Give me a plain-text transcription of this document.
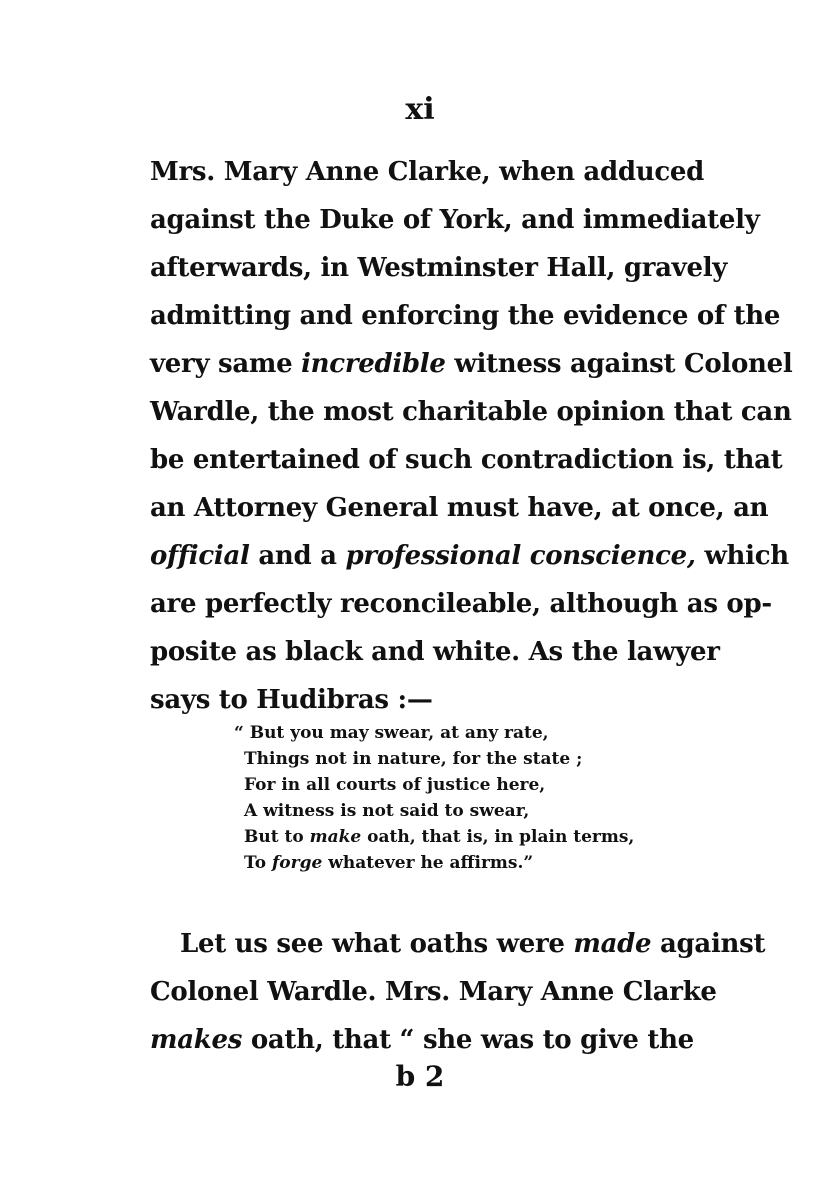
xi
Mrs. Mary Anne Clarke, when adduced
against the Duke of York, and immediately
afterwards, in Westminster Hall, gravely
admitting and enforcing the evidence of the
very same incredible witness against Colonel
Wardle, the most charitable opinion that can
be entertained of such contradiction is, that
an Attorney General must have, at once, an
official and a professional conscience, which
are perfectly reconcileable, although as op-
posite as black and white. As the lawyer
says to Hudibras :—
“ But you may swear, at any rate,
Things not in nature, for the state ;
For in all courts of justice here,
A witness is not said to swear,
But to make oath, that is, in plain terms,
To forge whatever he affirms.”
Let us see what oaths were made against
Colonel Wardle. Mrs. Mary Anne Clarke
makes oath, that “ she was to give the
b 2
